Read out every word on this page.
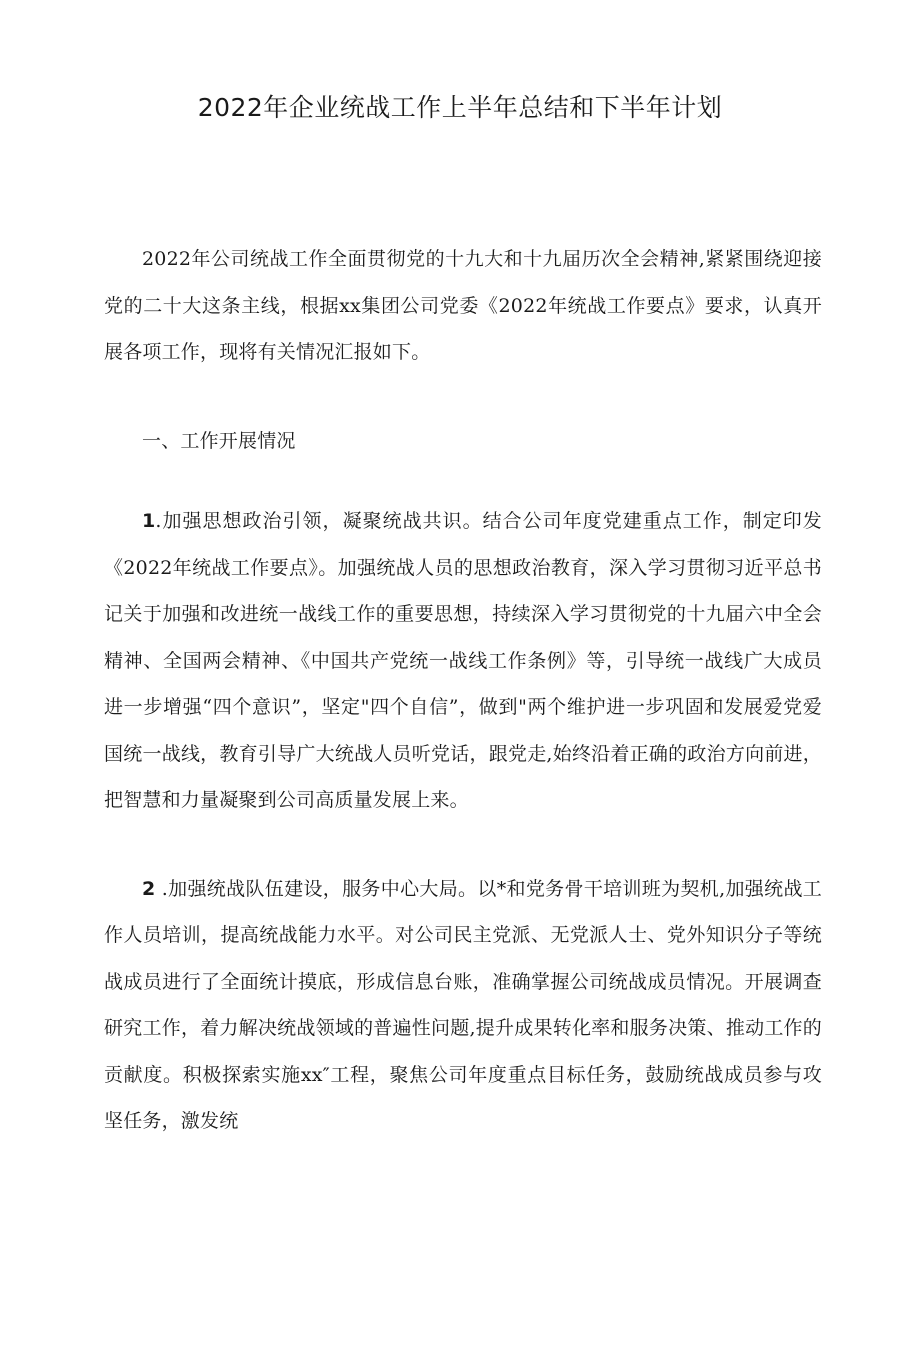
2022年企业统战工作上半年总结和下半年计划

2022年公司统战工作全面贯彻党的十九大和十九届历次全会精神,紧紧围绕迎接党的二十大这条主线，根据xx集团公司党委《2022年统战工作要点》要求，认真开展各项工作，现将有关情况汇报如下。

一、工作开展情况

1.加强思想政治引领，凝聚统战共识。结合公司年度党建重点工作，制定印发《2022年统战工作要点》。加强统战人员的思想政治教育，深入学习贯彻习近平总书记关于加强和改进统一战线工作的重要思想，持续深入学习贯彻党的十九届六中全会精神、全国两会精神、《中国共产党统一战线工作条例》等，引导统一战线广大成员进一步增强“四个意识”，坚定"四个自信”，做到"两个维护进一步巩固和发展爱党爱国统一战线，教育引导广大统战人员听党话，跟党走,始终沿着正确的政治方向前进，把智慧和力量凝聚到公司高质量发展上来。

2 .加强统战队伍建设，服务中心大局。以*和党务骨干培训班为契机,加强统战工作人员培训，提高统战能力水平。对公司民主党派、无党派人士、党外知识分子等统战成员进行了全面统计摸底，形成信息台账，准确掌握公司统战成员情况。开展调查研究工作，着力解决统战领域的普遍性问题,提升成果转化率和服务决策、推动工作的贡献度。积极探索实施xx″工程，聚焦公司年度重点目标任务，鼓励统战成员参与攻坚任务，激发统
